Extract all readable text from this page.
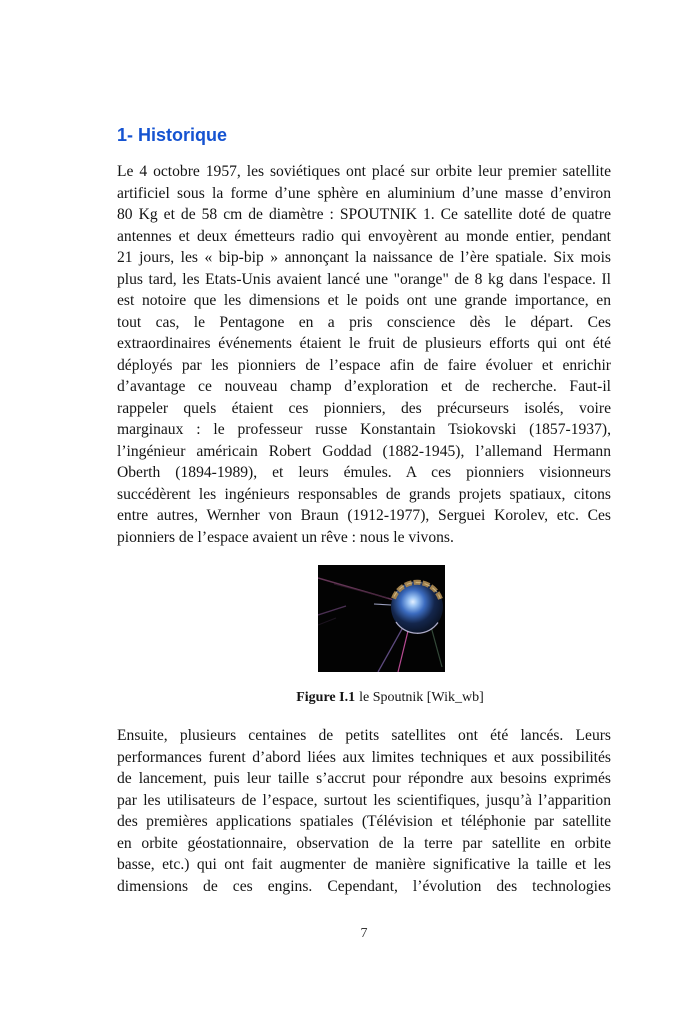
1- Historique
Le 4 octobre 1957, les soviétiques ont placé sur orbite leur premier satellite
artificiel sous la forme d’une sphère en aluminium d’une masse d’environ
80 Kg et de 58 cm de diamètre : SPOUTNIK 1. Ce satellite doté de quatre
antennes et deux émetteurs radio qui envoyèrent au monde entier, pendant
21 jours, les « bip-bip » annonçant la naissance de l’ère spatiale. Six mois
plus tard, les Etats-Unis avaient lancé une "orange" de 8 kg dans l'espace. Il
est notoire que les dimensions et le poids ont une grande importance, en
tout cas, le Pentagone en a pris conscience dès le départ. Ces
extraordinaires événements étaient le fruit de plusieurs efforts qui ont été
déployés par les pionniers de l’espace afin de faire évoluer et enrichir
d’avantage ce nouveau champ d’exploration et de recherche. Faut-il
rappeler quels étaient ces pionniers, des précurseurs isolés, voire
marginaux : le professeur russe Konstantain Tsiokovski (1857-1937),
l’ingénieur américain Robert Goddad (1882-1945), l’allemand Hermann
Oberth (1894-1989), et leurs émules. A ces pionniers visionneurs
succédèrent les ingénieurs responsables de grands projets spatiaux, citons
entre autres, Wernher von Braun (1912-1977), Serguei Korolev, etc. Ces
pionniers de l’espace avaient un rêve : nous le vivons.
Figure I.1 le Spoutnik [Wik_wb]
Ensuite, plusieurs centaines de petits satellites ont été lancés. Leurs
performances furent d’abord liées aux limites techniques et aux possibilités
de lancement, puis leur taille s’accrut pour répondre aux besoins exprimés
par les utilisateurs de l’espace, surtout les scientifiques, jusqu’à l’apparition
des premières applications spatiales (Télévision et téléphonie par satellite
en orbite géostationnaire, observation de la terre par satellite en orbite
basse, etc.) qui ont fait augmenter de manière significative la taille et les
dimensions de ces engins. Cependant, l’évolution des technologies
7
